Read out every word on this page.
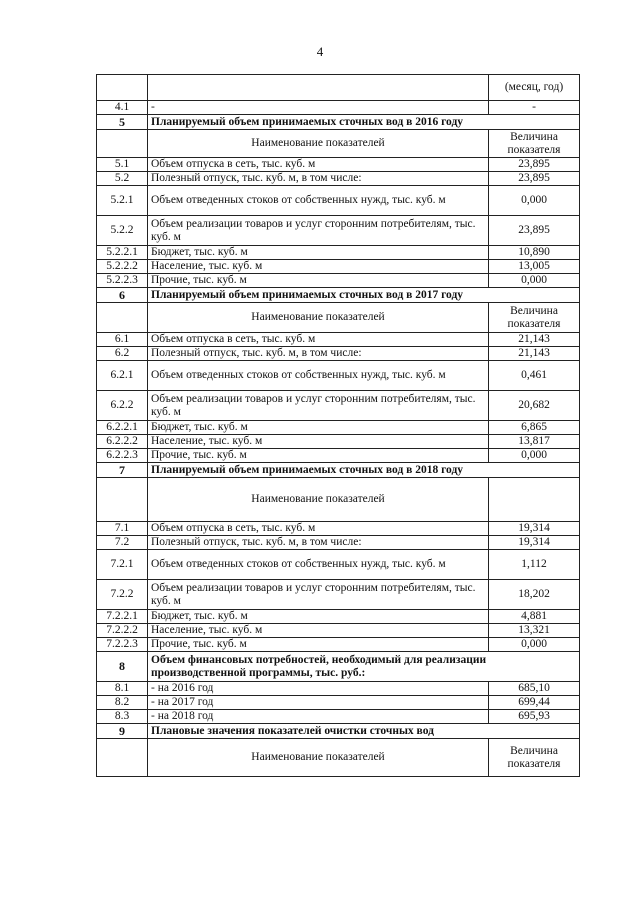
4
		(месяц, год)
4.1	-	-
5	Планируемый объем принимаемых сточных вод в 2016 году	
	Наименование показателей	Величина показателя
5.1	Объем отпуска в сеть, тыс. куб. м	23,895
5.2	Полезный отпуск, тыс. куб. м, в том числе:	23,895
5.2.1	Объем отведенных стоков от собственных нужд, тыс. куб. м	0,000
5.2.2	Объем реализации товаров и услуг сторонним потребителям, тыс. куб. м	23,895
5.2.2.1	Бюджет, тыс. куб. м	10,890
5.2.2.2	Население, тыс. куб. м	13,005
5.2.2.3	Прочие, тыс. куб. м	0,000
6	Планируемый объем принимаемых сточных вод в 2017 году	
	Наименование показателей	Величина показателя
6.1	Объем отпуска в сеть, тыс. куб. м	21,143
6.2	Полезный отпуск, тыс. куб. м, в том числе:	21,143
6.2.1	Объем отведенных стоков от собственных нужд, тыс. куб. м	0,461
6.2.2	Объем реализации товаров и услуг сторонним потребителям, тыс. куб. м	20,682
6.2.2.1	Бюджет, тыс. куб. м	6,865
6.2.2.2	Население, тыс. куб. м	13,817
6.2.2.3	Прочие, тыс. куб. м	0,000
7	Планируемый объем принимаемых сточных вод в 2018 году	
	Наименование показателей	
7.1	Объем отпуска в сеть, тыс. куб. м	19,314
7.2	Полезный отпуск, тыс. куб. м, в том числе:	19,314
7.2.1	Объем отведенных стоков от собственных нужд, тыс. куб. м	1,112
7.2.2	Объем реализации товаров и услуг сторонним потребителям, тыс. куб. м	18,202
7.2.2.1	Бюджет, тыс. куб. м	4,881
7.2.2.2	Население, тыс. куб. м	13,321
7.2.2.3	Прочие, тыс. куб. м	0,000
8	Объем финансовых потребностей, необходимый для реализации производственной программы, тыс. руб.:	
8.1	- на 2016 год	685,10
8.2	- на 2017 год	699,44
8.3	- на 2018 год	695,93
9	Плановые значения показателей очистки сточных вод	
	Наименование показателей	Величина показателя
